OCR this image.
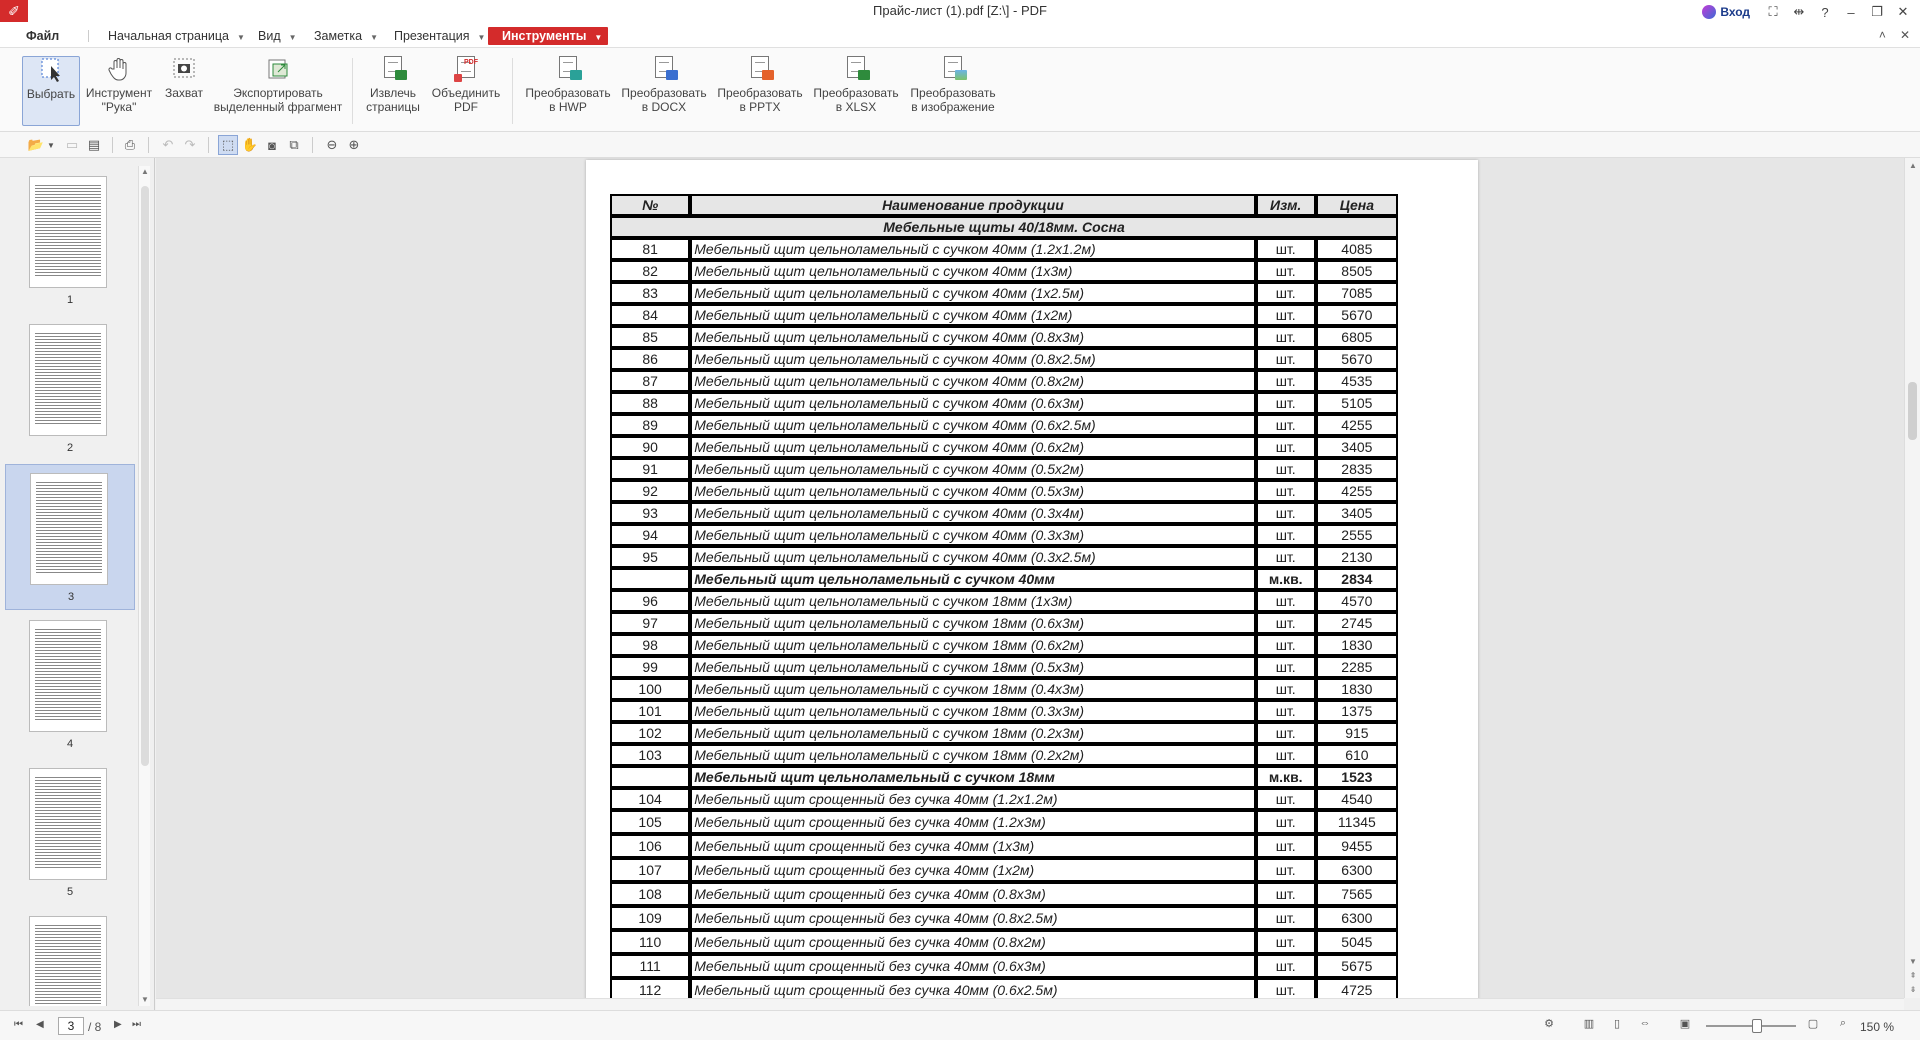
✐	Прайс-лист (1).pdf [Z:\] - PDF	Вход	⛶	⇹	?	–	❐	✕
Файл	Начальная страница ▼ Вид ▼ Заметка ▼ Презентация ▼	Инструменты ▼	˄ ✕
Выбрать Инструмент
"Рука"
Захват	Экспортировать
выделенный фрагмент
Извлечь
страницы
PDF
Объединить
PDF
Преобразовать
в HWP
Преобразовать
в DOCX
Преобразовать
в PPTX
Преобразовать
в XLSX
Преобразовать
в изображение
📂 ▼ ▭ ▤	⎙	↶ ↷	⬚ ✋ ◙	⧉	⊖ ⊕
1
2
3
4
5
▲
▼
№	Наименование продукции	Изм.	Цена
Мебельные щиты 40/18мм. Сосна			
81	Мебельный щит цельноламельный с сучком 40мм (1.2x1.2м)	шт.	4085
82	Мебельный щит цельноламельный с сучком 40мм (1x3м)	шт.	8505
83	Мебельный щит цельноламельный с сучком 40мм (1x2.5м)	шт.	7085
84	Мебельный щит цельноламельный с сучком 40мм (1x2м)	шт.	5670
85	Мебельный щит цельноламельный с сучком 40мм (0.8x3м)	шт.	6805
86	Мебельный щит цельноламельный с сучком 40мм (0.8x2.5м)	шт.	5670
87	Мебельный щит цельноламельный с сучком 40мм (0.8x2м)	шт.	4535
88	Мебельный щит цельноламельный с сучком 40мм (0.6x3м)	шт.	5105
89	Мебельный щит цельноламельный с сучком 40мм (0.6x2.5м)	шт.	4255
90	Мебельный щит цельноламельный с сучком 40мм (0.6x2м)	шт.	3405
91	Мебельный щит цельноламельный с сучком 40мм (0.5x2м)	шт.	2835
92	Мебельный щит цельноламельный с сучком 40мм (0.5x3м)	шт.	4255
93	Мебельный щит цельноламельный с сучком 40мм (0.3x4м)	шт.	3405
94	Мебельный щит цельноламельный с сучком 40мм (0.3x3м)	шт.	2555
95	Мебельный щит цельноламельный с сучком 40мм (0.3x2.5м)	шт.	2130
	Мебельный щит цельноламельный с сучком 40мм	м.кв.	2834
96	Мебельный щит цельноламельный с сучком 18мм (1x3м)	шт.	4570
97	Мебельный щит цельноламельный с сучком 18мм (0.6x3м)	шт.	2745
98	Мебельный щит цельноламельный с сучком 18мм (0.6x2м)	шт.	1830
99	Мебельный щит цельноламельный с сучком 18мм (0.5x3м)	шт.	2285
100	Мебельный щит цельноламельный с сучком 18мм (0.4x3м)	шт.	1830
101	Мебельный щит цельноламельный с сучком 18мм (0.3x3м)	шт.	1375
102	Мебельный щит цельноламельный с сучком 18мм (0.2x3м)	шт.	915
103	Мебельный щит цельноламельный с сучком 18мм (0.2x2м)	шт.	610
	Мебельный щит цельноламельный с сучком 18мм	м.кв.	1523
104	Мебельный щит срощенный без сучка 40мм (1.2x1.2м)	шт.	4540
105	Мебельный щит срощенный без сучка 40мм (1.2x3м)	шт.	11345
106	Мебельный щит срощенный без сучка 40мм (1x3м)	шт.	9455
107	Мебельный щит срощенный без сучка 40мм (1x2м)	шт.	6300
108	Мебельный щит срощенный без сучка 40мм (0.8x3м)	шт.	7565
109	Мебельный щит срощенный без сучка 40мм (0.8x2.5м)	шт.	6300
110	Мебельный щит срощенный без сучка 40мм (0.8x2м)	шт.	5045
111	Мебельный щит срощенный без сучка 40мм (0.6x3м)	шт.	5675
112	Мебельный щит срощенный без сучка 40мм (0.6x2.5м)	шт.	4725
▲
▼
⇞
⇟
⏮ ◀	3	/ 8 ▶ ⏭	⚙	▥	▯	⇔	▣	▢	⌕	150 %
